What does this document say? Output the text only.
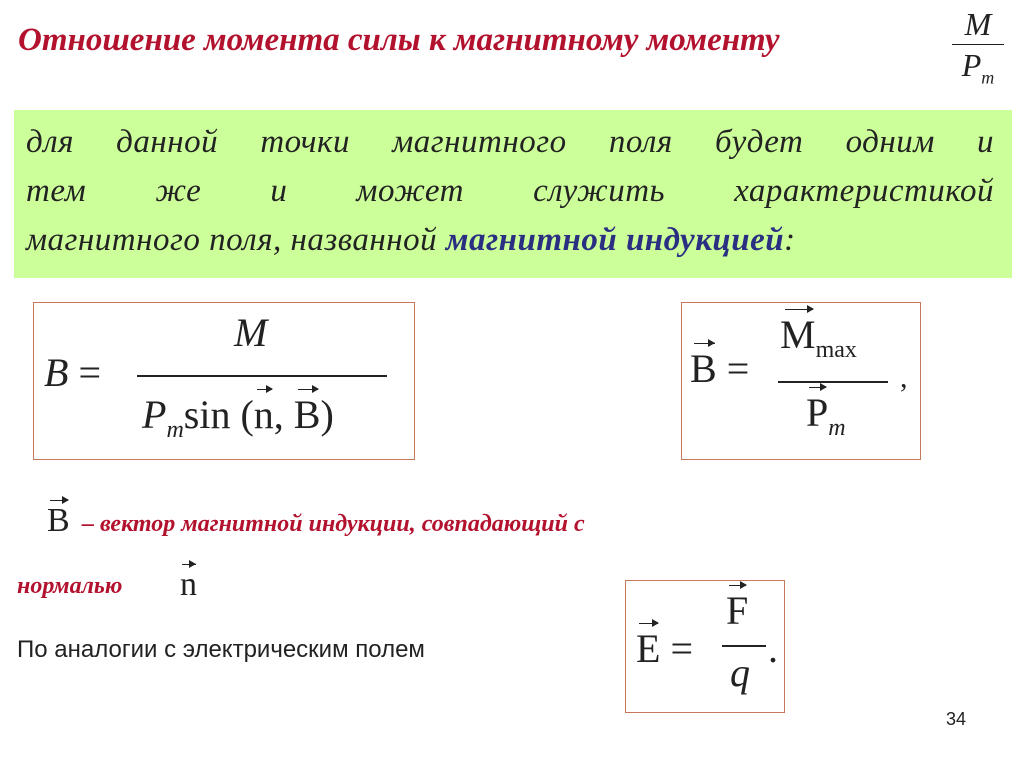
Отношение момента силы к магнитному моменту	M
$P_m$

для данной точки магнитного поля будет одним и

тем же и может служить характеристикой

магнитного поля, названной магнитной индукцией:

B =
M
$P_m\sin$ (n, B)
B =
$M_{max}$
$P_m$
,
B – вектор магнитной индукции, совпадающий с
нормалью n
По аналогии с электрическим полем	E =
F
q
.
34
